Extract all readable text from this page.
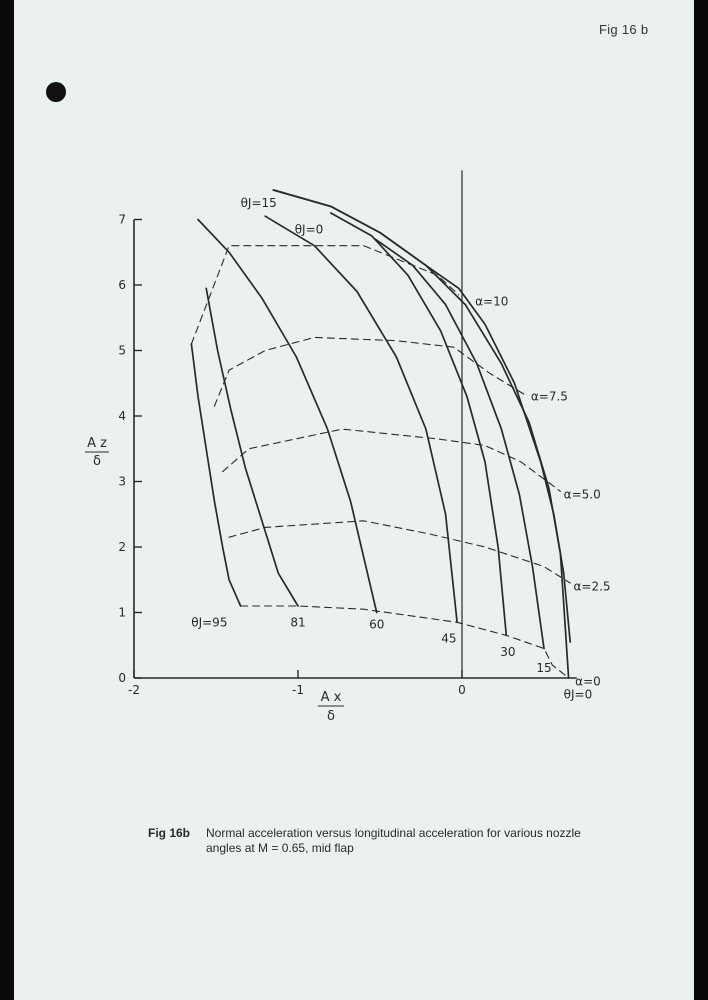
Fig 16 b
0
1
2
3
4
5
6
7
-2	-1	0
θJ=15
θJ=0
α=10
α=7.5
α=5.0
α=2.5
α=0
θJ=0
θJ=95	81	60
45
30
15
A z
δ
A x
δ
Fig 16b Normal acceleration versus longitudinal acceleration for various nozzle angles at M = 0.65, mid flap
